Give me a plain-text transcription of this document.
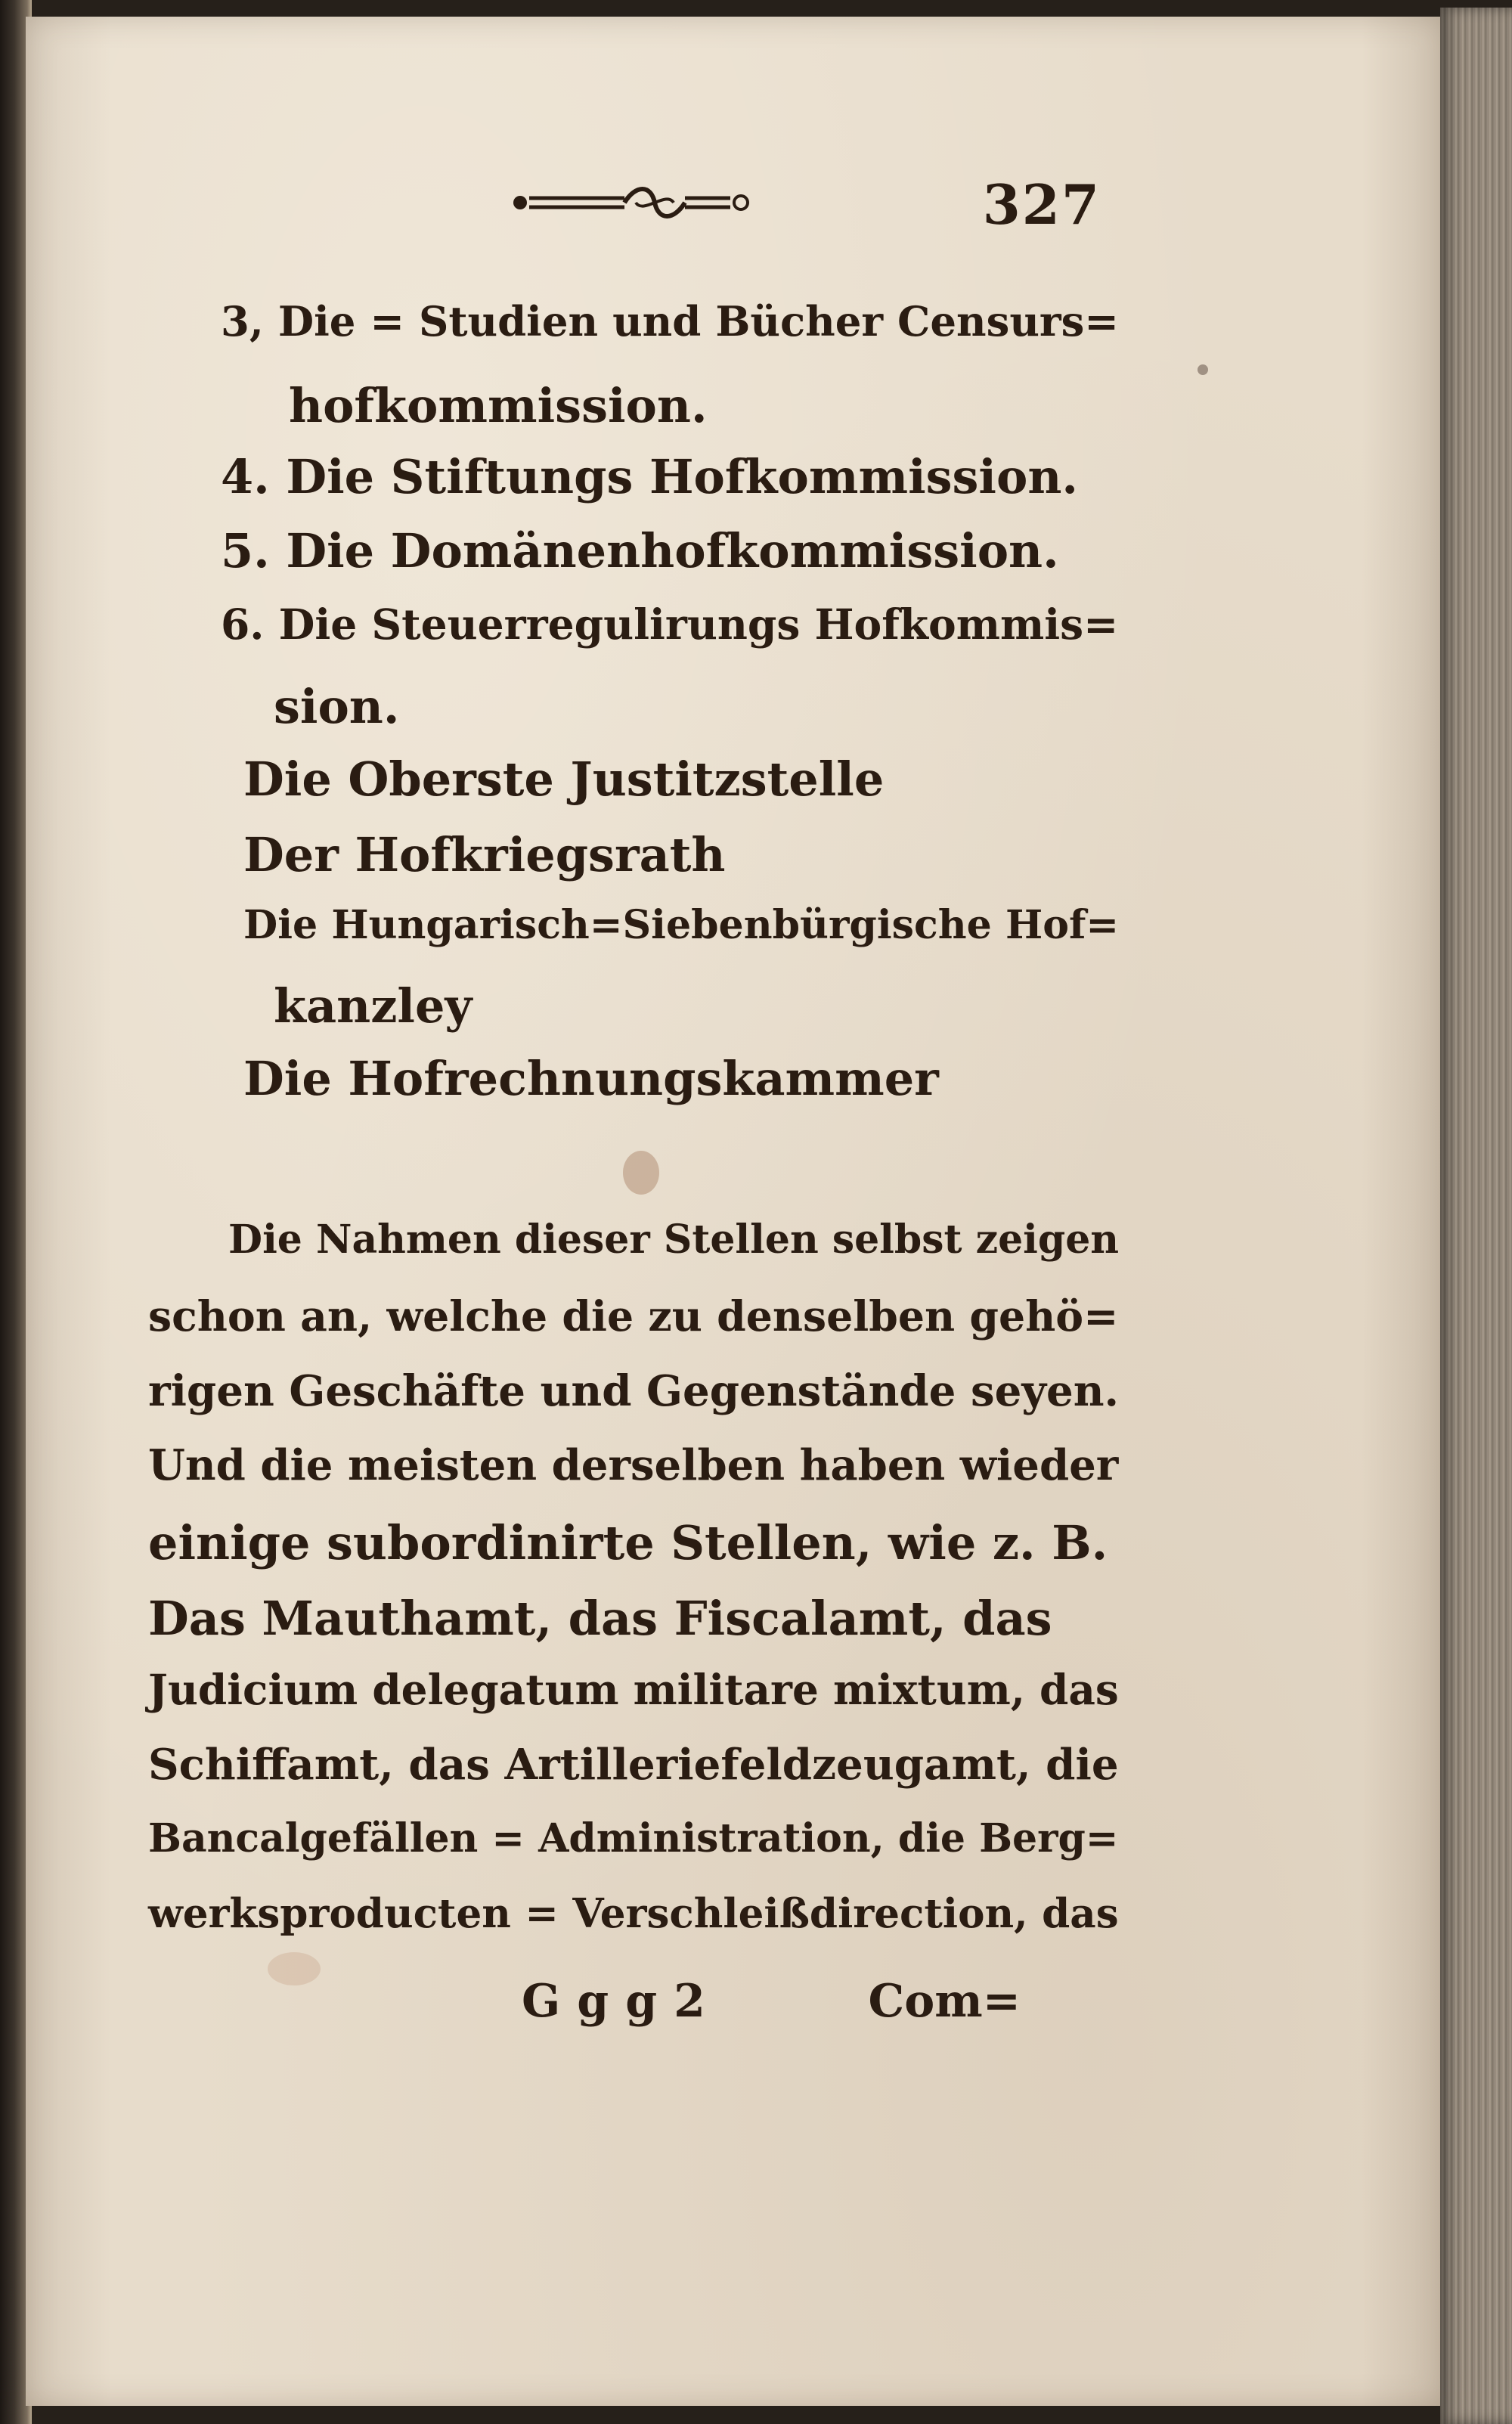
327

3, Die = Studien und Bücher Censurs=

hofkommission.

4. Die Stiftungs Hofkommission.

5. Die Domänenhofkommission.

6. Die Steuerregulirungs Hofkommis=

sion.

Die Oberste Justitzstelle

Der Hofkriegsrath

Die Hungarisch=Siebenbürgische Hof=

kanzley

Die Hofrechnungskammer

Die Nahmen dieser Stellen selbst zeigen

schon an, welche die zu denselben gehö=

rigen Geschäfte und Gegenstände seyen.

Und die meisten derselben haben wieder

einige subordinirte Stellen, wie z. B.

Das Mauthamt, das Fiscalamt, das

Judicium delegatum militare mixtum, das

Schiffamt, das Artilleriefeldzeugamt, die

Bancalgefällen = Administration, die Berg=

werksproducten = Verschleißdirection, das

Ggg2	Com=
